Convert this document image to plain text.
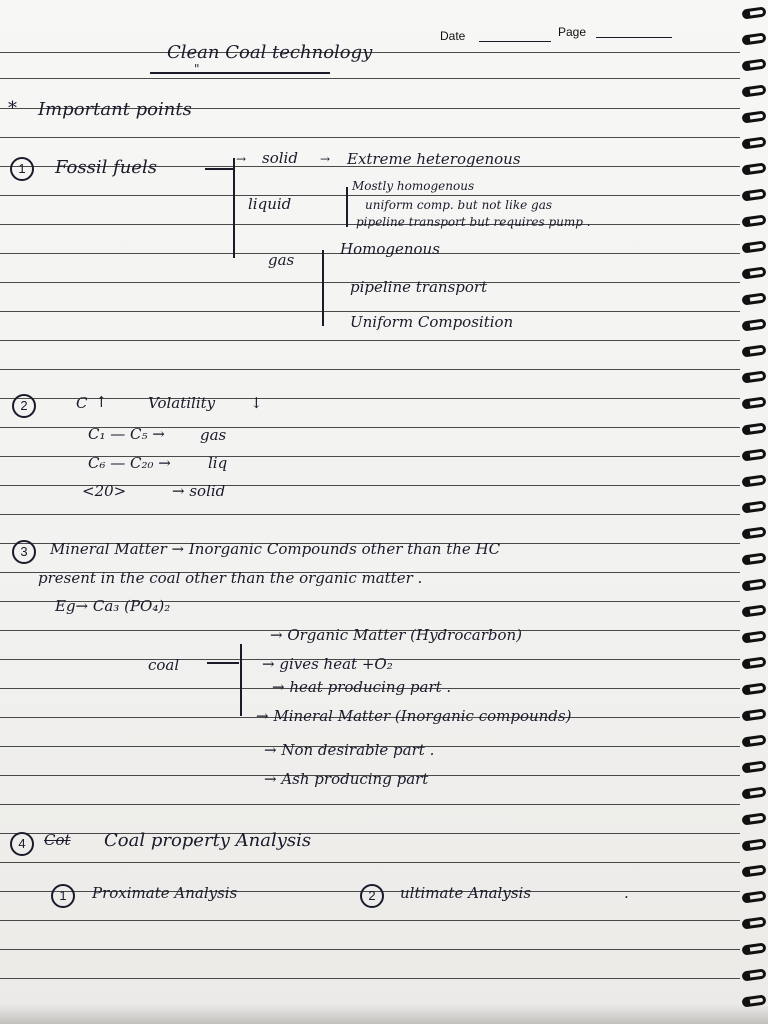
Date	Page
Clean Coal technology
"
* Important points
1	Fossil fuels	→ solid → Extreme heterogenous
liquid
Mostly homogenous
uniform comp. but not like gas
pipeline transport but requires pump .
gas
Homogenous
pipeline transport
Uniform Composition
2	C ↑	Volatility ↓
C₁ — C₅ → gas
C₆ — C₂₀ → liq
<20>	→ solid
3	Mineral Matter → Inorganic Compounds other than the HC
present in the coal other than the organic matter .
Eg→ Ca₃ (PO₄)₂
coal
→ Organic Matter (Hydrocarbon)
→ gives heat +O₂
→ heat producing part .
→ Mineral Matter (Inorganic compounds)
→ Non desirable part .
→ Ash producing part
4	Cot Coal property Analysis
1	Proximate Analysis	2	ultimate Analysis	.
